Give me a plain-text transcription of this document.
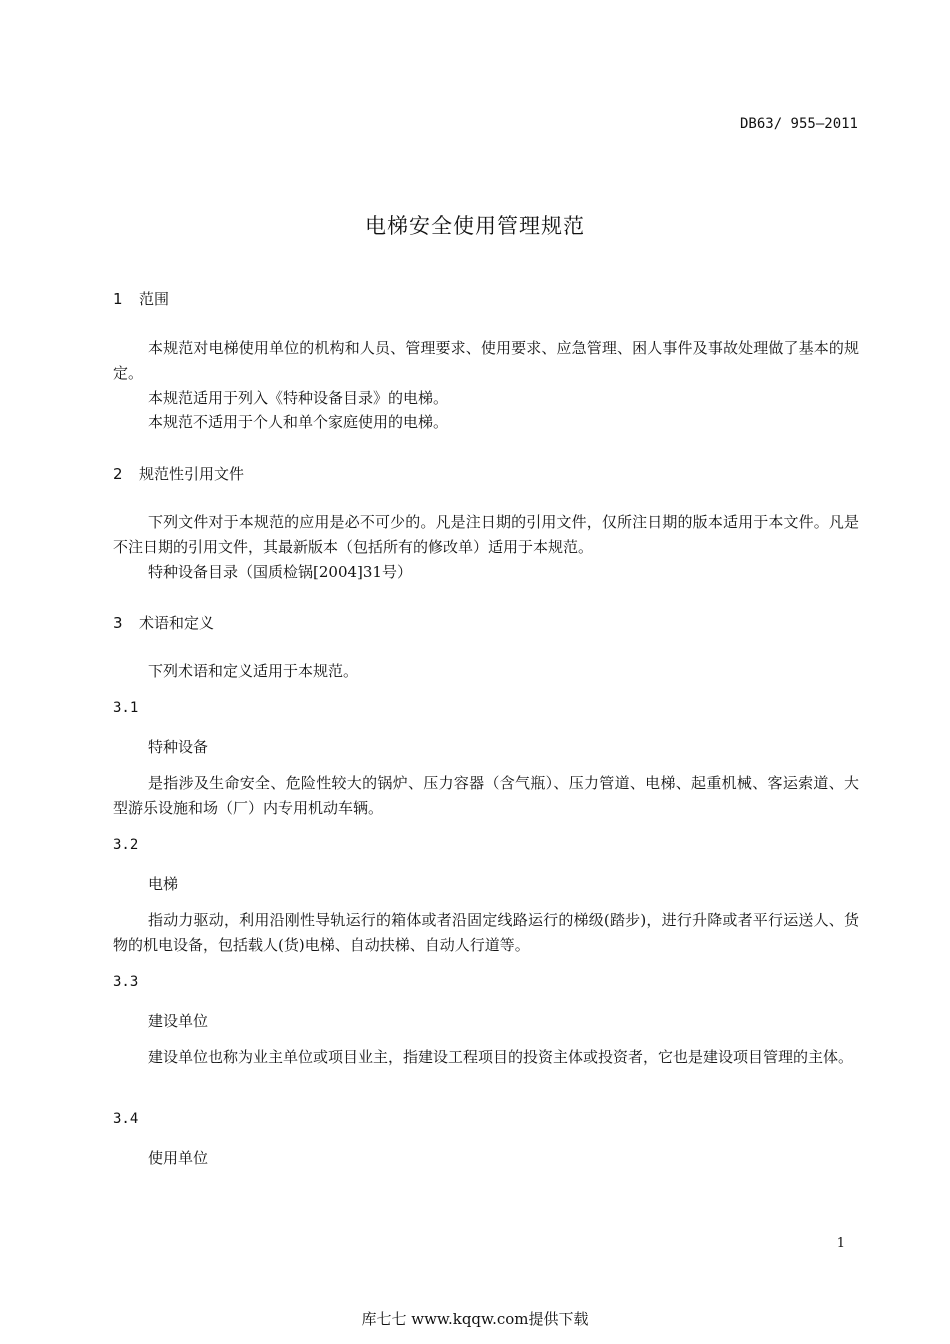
DB63/ 955—2011
电梯安全使用管理规范
1 范围
本规范对电梯使用单位的机构和人员、管理要求、使用要求、应急管理、困人事件及事故处理做了基本的规定。
本规范适用于列入《特种设备目录》的电梯。
本规范不适用于个人和单个家庭使用的电梯。
2 规范性引用文件
下列文件对于本规范的应用是必不可少的。凡是注日期的引用文件，仅所注日期的版本适用于本文件。凡是不注日期的引用文件，其最新版本（包括所有的修改单）适用于本规范。
特种设备目录（国质检锅[2004]31号）
3 术语和定义
下列术语和定义适用于本规范。
3.1
特种设备
是指涉及生命安全、危险性较大的锅炉、压力容器（含气瓶）、压力管道、电梯、起重机械、客运索道、大型游乐设施和场（厂）内专用机动车辆。
3.2
电梯
指动力驱动，利用沿刚性导轨运行的箱体或者沿固定线路运行的梯级(踏步)，进行升降或者平行运送人、货物的机电设备，包括载人(货)电梯、自动扶梯、自动人行道等。
3.3
建设单位
建设单位也称为业主单位或项目业主，指建设工程项目的投资主体或投资者，它也是建设项目管理的主体。
3.4
使用单位
1
库七七 www.kqqw.com提供下载
